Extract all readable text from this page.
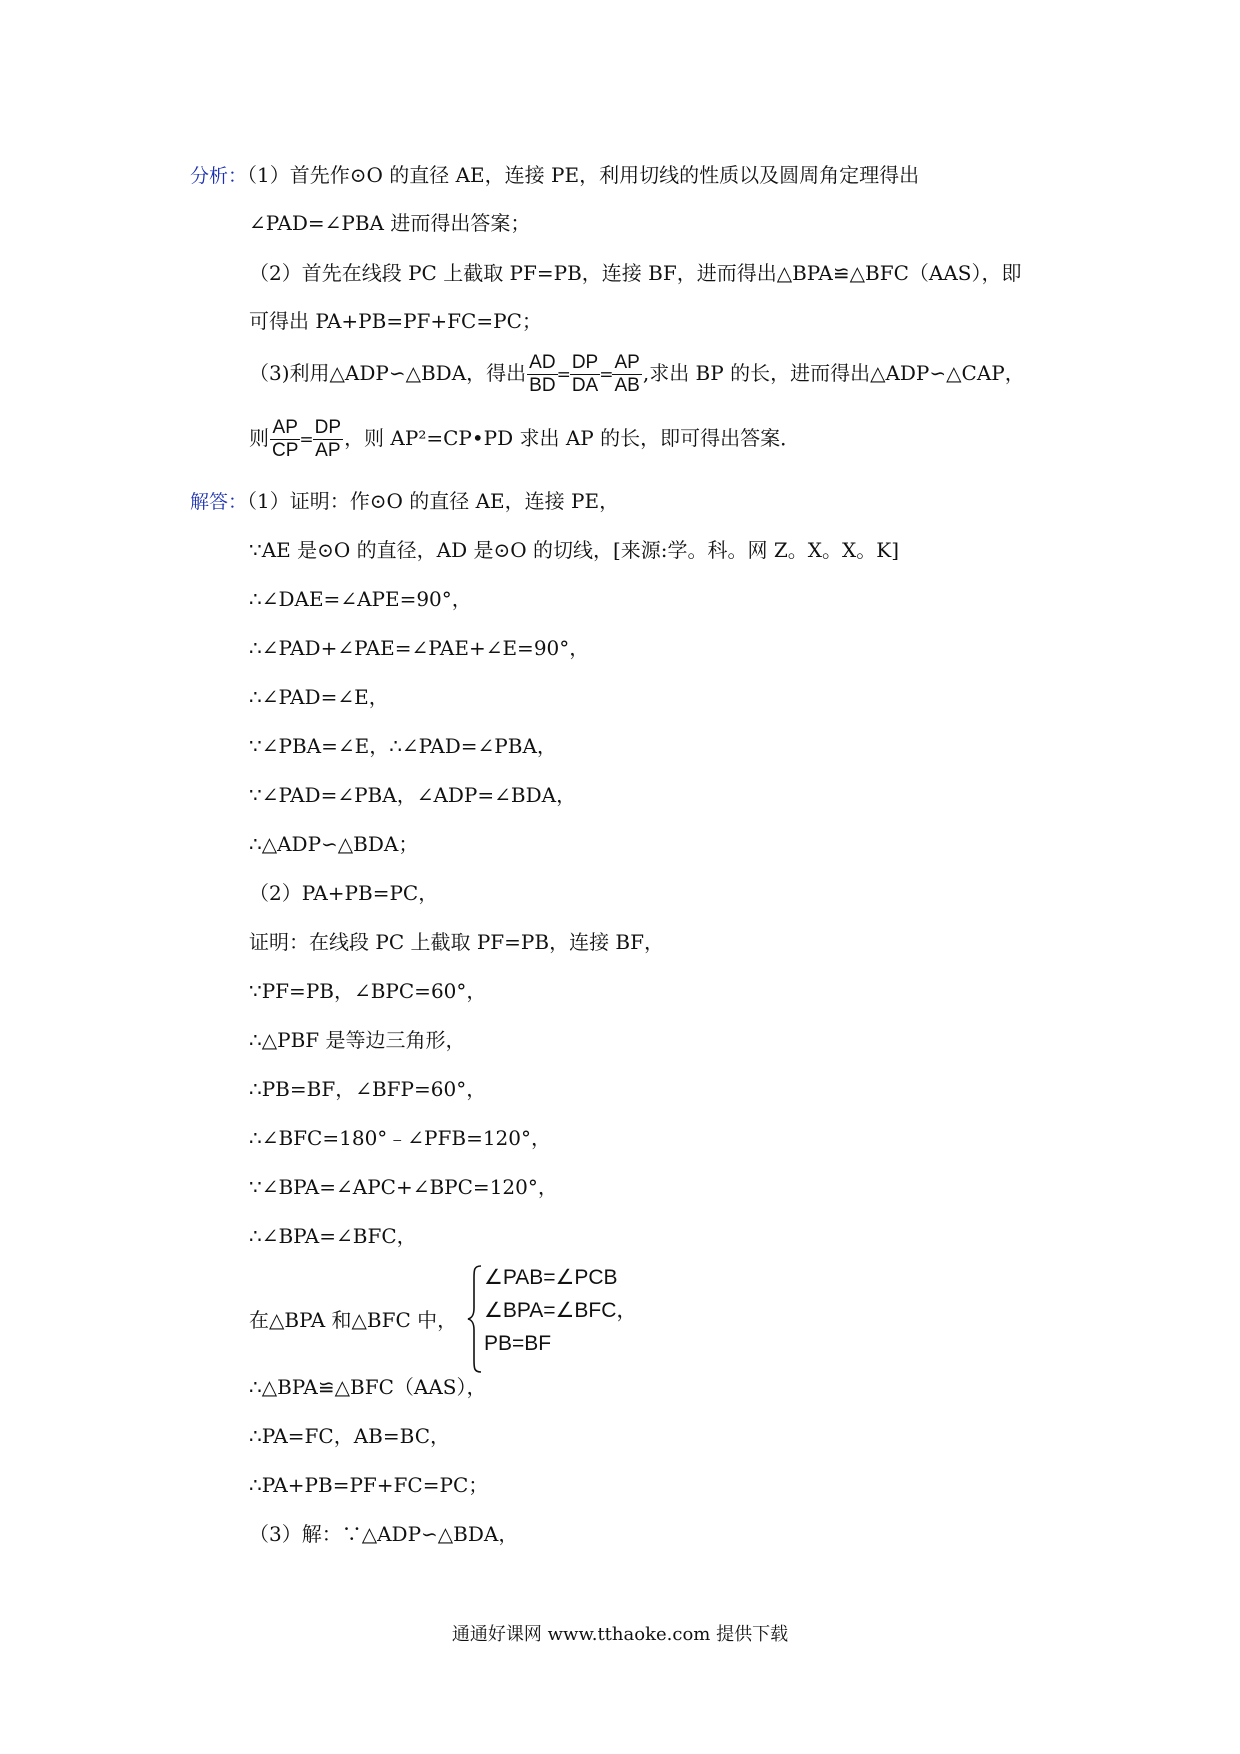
分析：（1）首先作⊙O 的直径 AE，连接 PE，利用切线的性质以及圆周角定理得出
∠PAD=∠PBA 进而得出答案；
（2）首先在线段 PC 上截取 PF=PB，连接 BF，进而得出△BPA≌△BFC（AAS），即
可得出 PA+PB=PF+FC=PC；
（3)利用△ADP∽△BDA，得出 $\frac{AD}{BD} = \frac{DP}{DA} = \frac{AP}{AB}$ ,求出 BP 的长，进而得出△ADP∽△CAP，
则 $\frac{AP}{CP} = \frac{DP}{AP}$ ，则 AP²=CP•PD 求出 AP 的长，即可得出答案．
解答：（1）证明：作⊙O 的直径 AE，连接 PE，
∵AE 是⊙O 的直径，AD 是⊙O 的切线，[来源:学。科。网 Z。X。X。K]
∴∠DAE=∠APE=90°，
∴∠PAD+∠PAE=∠PAE+∠E=90°，
∴∠PAD=∠E，
∵∠PBA=∠E，∴∠PAD=∠PBA，
∵∠PAD=∠PBA，∠ADP=∠BDA，
∴△ADP∽△BDA；
（2）PA+PB=PC，
证明：在线段 PC 上截取 PF=PB，连接 BF，
∵PF=PB，∠BPC=60°，
∴△PBF 是等边三角形，
∴PB=BF，∠BFP=60°，
∴∠BFC=180°﹣∠PFB=120°，
∵∠BPA=∠APC+∠BPC=120°，
∴∠BPA=∠BFC，
在△BPA 和△BFC 中，
∠PAB=∠PCB
∠BPA=∠BFC，
PB=BF
∴△BPA≌△BFC（AAS），
∴PA=FC，AB=BC，
∴PA+PB=PF+FC=PC；
（3）解：∵△ADP∽△BDA，
通通好课网 www.tthaoke.com 提供下载
